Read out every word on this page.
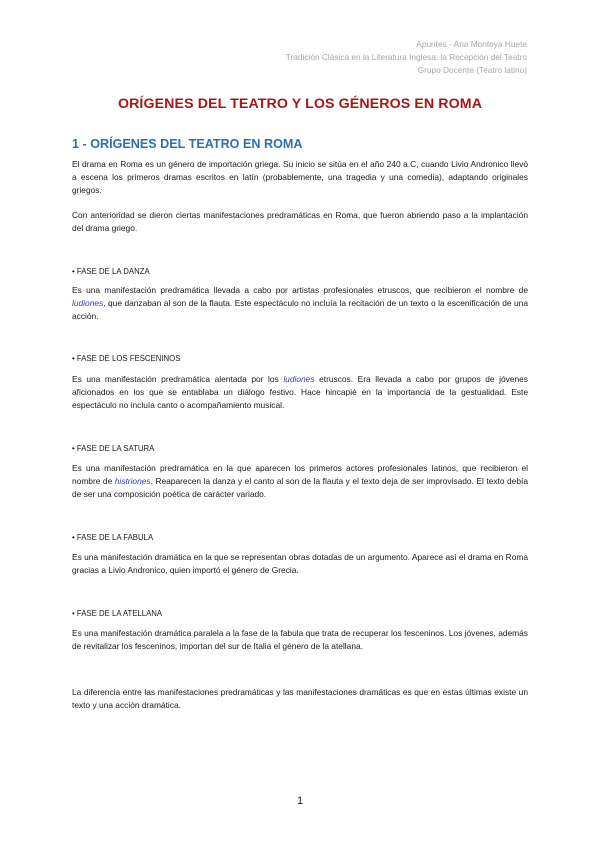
Apuntes - Ana Montoya Huete
Tradición Clásica en la Literatura Inglesa: la Recepción del Teatro
Grupo Docente (Teatro latino)
ORÍGENES DEL TEATRO Y LOS GÉNEROS EN ROMA
1 - ORÍGENES DEL TEATRO EN ROMA

El drama en Roma es un género de importación griega. Su inicio se sitúa en el año 240 a.C, cuando Livio Andronico llevó a escena los primeros dramas escritos en latín (probablemente, una tragedia y una comedia), adaptando originales griegos.

Con anterioridad se dieron ciertas manifestaciones predramáticas en Roma, que fueron abriendo paso a la implantación del drama griego.

• FASE DE LA DANZA

Es una manifestación predramática llevada a cabo por artistas profesionales etruscos, que recibieron el nombre de ludiones, que danzaban al son de la flauta. Este espectáculo no incluía la recitación de un texto o la escenificación de una acción.

• FASE DE LOS FESCENINOS

Es una manifestación predramática alentada por los ludiones etruscos. Era llevada a cabo por grupos de jóvenes aficionados en los que se entablaba un diálogo festivo. Hace hincapié en la importancia de la gestualidad. Este espectáculo no incluía canto o acompañamiento musical.

• FASE DE LA SATURA

Es una manifestación predramática en la que aparecen los primeros actores profesionales latinos, que recibieron el nombre de histriones. Reaparecen la danza y el canto al son de la flauta y el texto deja de ser improvisado. El texto debía de ser una composición poética de carácter variado.

• FASE DE LA FABULA

Es una manifestación dramática en la que se representan obras dotadas de un argumento. Aparece así el drama en Roma gracias a Livio Andronico, quien importó el género de Grecia.

• FASE DE LA ATELLANA

Es una manifestación dramática paralela a la fase de la fabula que trata de recuperar los fesceninos. Los jóvenes, además de revitalizar los fesceninos, importan del sur de Italia el género de la atellana.

La diferencia entre las manifestaciones predramáticas y las manifestaciones dramáticas es que en estas últimas existe un texto y una acción dramática.

1
